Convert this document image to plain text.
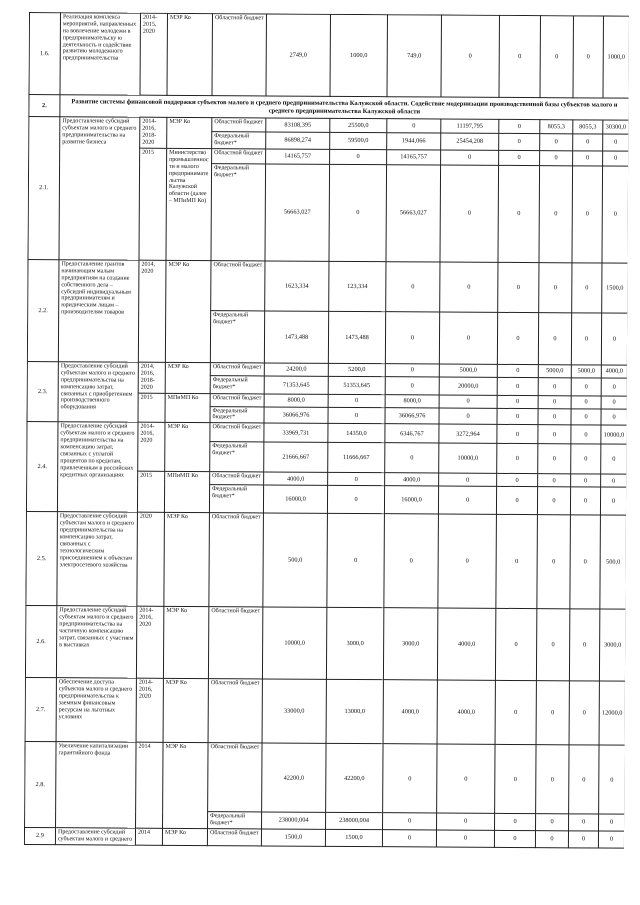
1.6.	Реализация комплекса мероприятий, направленных на вовлечение молодежи в предпринимательску ю деятельность и содействие развитию молодежного предпринимательства	2014-2015, 2020	МЭР Ко	Областной бюджет	2749,0	1000,0	749,0	0	0	0	0	1000,0
2.	Развитие системы финансовой поддержки субъектов малого и среднего предпринимательства Калужской области. Содействие модернизации производственной базы субъектов малого и среднего предпринимательства Калужской области											
2.1.	Предоставление субсидий субъектам малого и среднего предпринимательства на развитие бизнеса	2014-2016, 2018-2020	МЭР Ко	Областной бюджет	83108,395	25500,0	0	11197,795	0	8055,3	8055,3	30300,0
				Федеральный бюджет*	86898,274	59500,0	1944,066	25454,208	0	0	0	0
		2015	Министерство промышленности и малого предпринимательства Калужской области (далее – МПиМП Ко)	Областной бюджет	14165,757	0	14165,757	0	0	0	0	0
				Федеральный бюджет*	56663,027	0	56663,027	0	0	0	0	0
2.2.	Предоставление грантов начинающим малым предприятиям на создание собственного дела – субсидий индивидуальным предпринимателям и юридическим лицам – производителям товаров	2014, 2020	МЭР Ко	Областной бюджет	1623,334	123,334	0	0	0	0	0	1500,0
				Федеральный бюджет*	1473,488	1473,488	0	0	0	0	0	0
2.3.	Предоставление субсидий субъектам малого и среднего предпринимательства на компенсацию затрат, связанных с приобретением производственного оборудования	2014, 2016, 2018-2020	МЭР Ко	Областной бюджет	24200,0	5200,0	0	5000,0	0	5000,0	5000,0	4000,0
				Федеральный бюджет*	71353,645	51353,645	0	20000,0	0	0	0	0
		2015	МПиМП Ко	Областной бюджет	8000,0	0	8000,0	0	0	0	0	0
				Федеральный бюджет*	36066,976	0	36066,976	0	0	0	0	0
2.4.	Предоставление субсидий субъектам малого и среднего предпринимательства на компенсацию затрат, связанных с уплатой процентов по кредитам, привлеченным в российских кредитных организациях	2014-2016, 2020	МЭР Ко	Областной бюджет	33969,731	14350,0	6346,767	3272,964	0	0	0	10000,0
				Федеральный бюджет*	21666,667	11666,667	0	10000,0	0	0	0	0
		2015	МПиМП Ко	Областной бюджет	4000,0	0	4000,0	0	0	0	0	0
				Федеральный бюджет*	16000,0	0	16000,0	0	0	0	0	0
2.5.	Предоставление субсидий субъектам малого и среднего предпринимательства на компенсацию затрат, связанных с технологическим присоединением к объектам электросетевого хозяйства	2020	МЭР Ко	Областной бюджет	500,0	0	0	0	0	0	0	500,0
2.6.	Предоставление субсидий субъектам малого и среднего предпринимательства на частичную компенсацию затрат, связанных с участием в выставках	2014-2016, 2020	МЭР Ко	Областной бюджет	10000,0	3000,0	3000,0	4000,0	0	0	0	3000,0
2.7.	Обеспечение доступа субъектов малого и среднего предпринимательства к заемным финансовым ресурсам на льготных условиях	2014-2016, 2020	МЭР Ко	Областной бюджет	33000,0	13000,0	4000,0	4000,0	0	0	0	12000,0
2.8.	Увеличение капитализации гарантийного фонда	2014	МЭР Ко	Областной бюджет	42200,0	42200,0	0	0	0	0	0	0
				Федеральный бюджет*	238000,004	238000,004	0	0	0	0	0	0
2.9	Предоставление субсидий субъектам малого и среднего	2014	МЭР Ко	Областной бюджет	1500,0	1500,0	0	0	0	0	0	0
